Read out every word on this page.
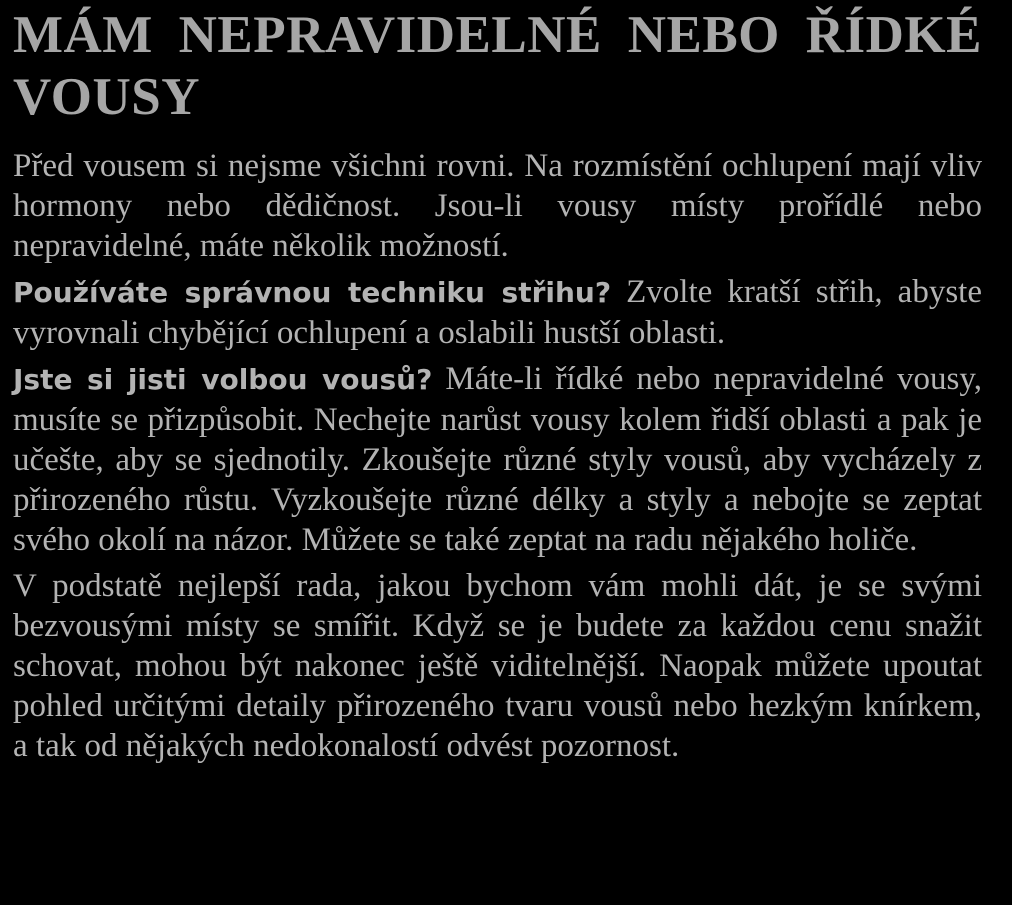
MÁM NEPRAVIDELNÉ NEBO ŘÍDKÉ VOUSY

Před vousem si nejsme všichni rovni. Na rozmístění ochlupení mají vliv hormony nebo dědičnost. Jsou-li vousy místy prořídlé nebo nepravidelné, máte několik možností.

Používáte správnou techniku střihu? Zvolte kratší střih, abyste vyrovnali chybějící ochlupení a oslabili hustší oblasti.

Jste si jisti volbou vousů? Máte-li řídké nebo nepravidelné vousy, musíte se přizpůsobit. Nechejte narůst vousy kolem řidší oblasti a pak je učešte, aby se sjednotily. Zkoušejte různé styly vousů, aby vycházely z přirozeného růstu. Vyzkoušejte různé délky a styly a nebojte se zeptat svého okolí na názor. Můžete se také zeptat na radu nějakého holiče.

V podstatě nejlepší rada, jakou bychom vám mohli dát, je se svými bezvousými místy se smířit. Když se je budete za každou cenu snažit schovat, mohou být nakonec ještě viditelnější. Naopak můžete upoutat pohled určitými detaily přirozeného tvaru vousů nebo hezkým knírkem, a tak od nějakých nedokonalostí odvést pozornost.
